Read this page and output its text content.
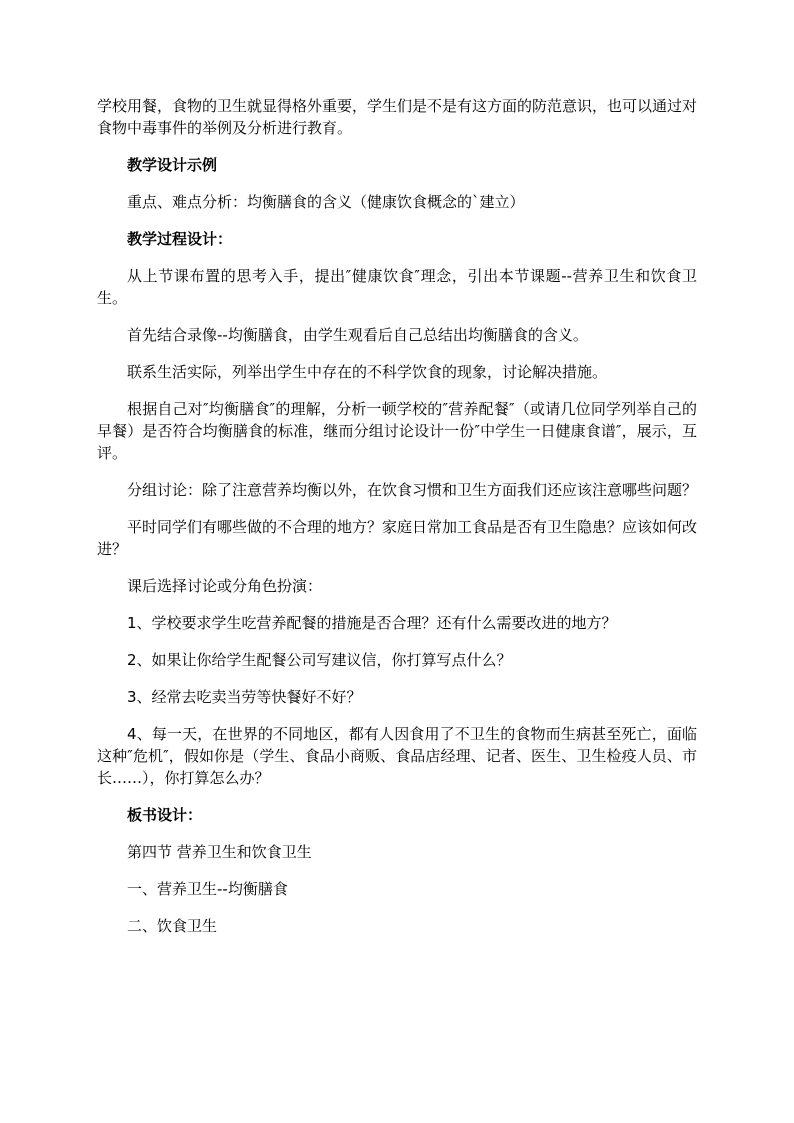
学校用餐，食物的卫生就显得格外重要，学生们是不是有这方面的防范意识，也可以通过对食物中毒事件的举例及分析进行教育。

教学设计示例

重点、难点分析：均衡膳食的含义（健康饮食概念的`建立）

教学过程设计：

从上节课布置的思考入手，提出″健康饮食″理念，引出本节课题--营养卫生和饮食卫生。

首先结合录像--均衡膳食，由学生观看后自己总结出均衡膳食的含义。

联系生活实际，列举出学生中存在的不科学饮食的现象，讨论解决措施。

根据自己对″均衡膳食″的理解，分析一顿学校的″营养配餐″（或请几位同学列举自己的早餐）是否符合均衡膳食的标准，继而分组讨论设计一份″中学生一日健康食谱″，展示，互评。

分组讨论：除了注意营养均衡以外，在饮食习惯和卫生方面我们还应该注意哪些问题？

平时同学们有哪些做的不合理的地方？家庭日常加工食品是否有卫生隐患？应该如何改进？

课后选择讨论或分角色扮演：

1、学校要求学生吃营养配餐的措施是否合理？还有什么需要改进的地方？

2、如果让你给学生配餐公司写建议信，你打算写点什么？

3、经常去吃卖当劳等快餐好不好？

4、每一天，在世界的不同地区，都有人因食用了不卫生的食物而生病甚至死亡，面临这种″危机″，假如你是（学生、食品小商贩、食品店经理、记者、医生、卫生检疫人员、市长……），你打算怎么办？

板书设计：

第四节 营养卫生和饮食卫生

一、营养卫生--均衡膳食

二、饮食卫生
